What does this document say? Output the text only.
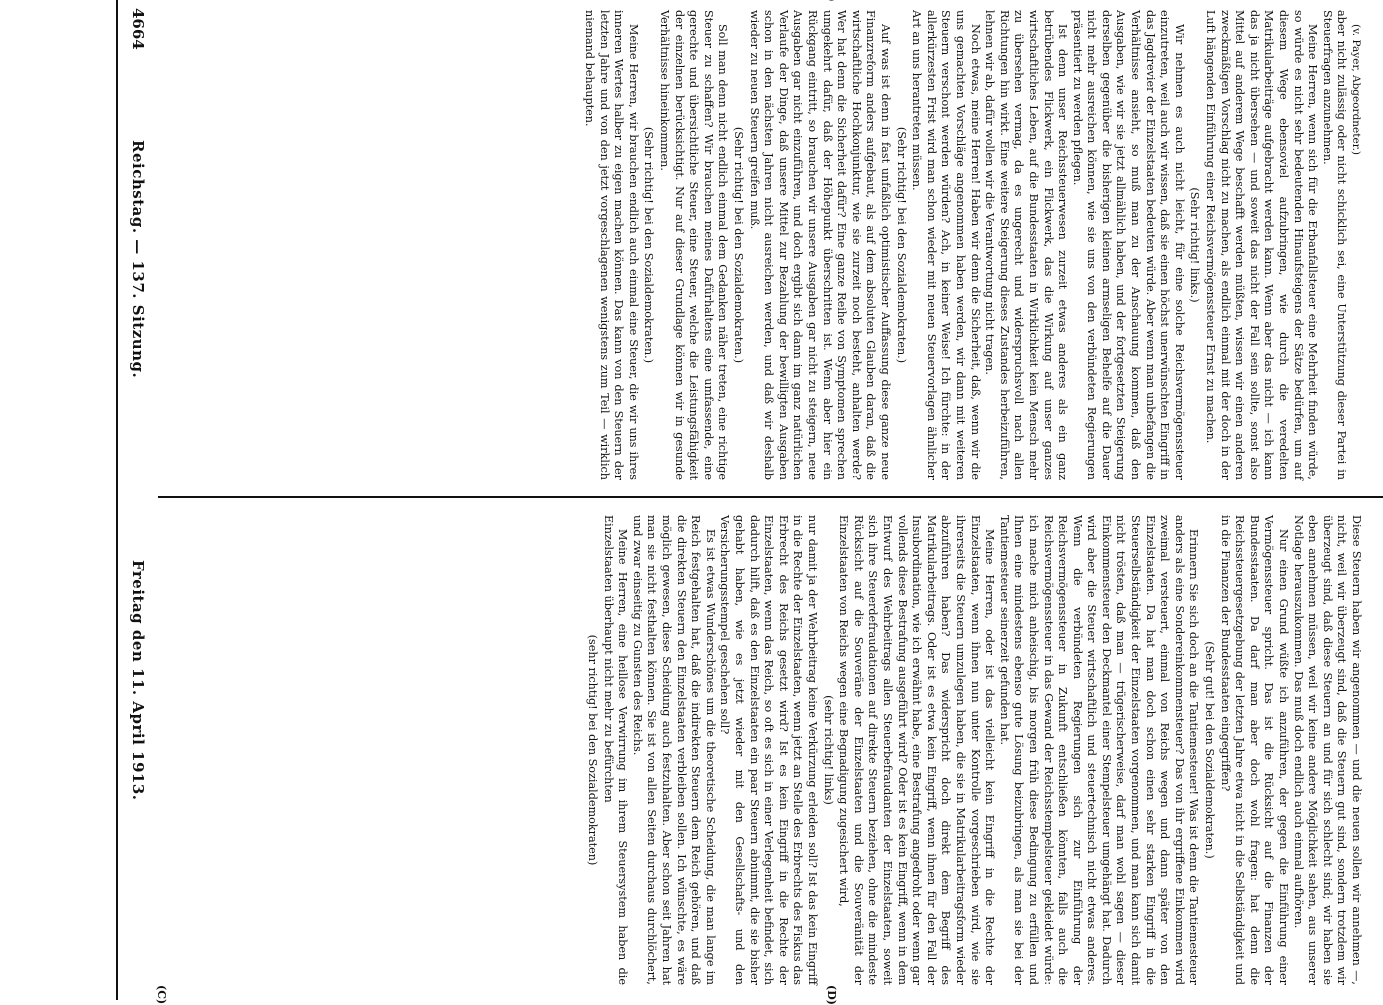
(v. Payer, Abgeordneter.)

aber nicht zulässig oder nicht schicklich sei, eine Unterstützung dieser Partei in Steuerfragen anzunehmen.

Meine Herren, wenn sich für die Erbanfallsteuer eine Mehrheit finden würde, so würde es nicht sehr bedeutenden Hinaufsteigens der Sätze bedürfen, um auf diesem Wege ebensoviel aufzubringen, wie durch die veredelten Matrikularbeiträge aufgebracht werden kann. Wenn aber das nicht — ich kann das ja nicht übersehen — und soweit das nicht der Fall sein sollte, sonst also Mittel auf anderem Wege beschafft werden müßten, wissen wir einen anderen zweckmäßigen Vorschlag nicht zu machen, als endlich einmal mit der doch in der Luft hängenden Einführung einer Reichsvermögenssteuer Ernst zu machen.

(Sehr richtig! links.)

Wir nehmen es auch nicht leicht, für eine solche Reichsvermögenssteuer einzutreten, weil auch wir wissen, daß sie einen höchst unerwünschten Eingriff in das Jagdrevier der Einzelstaaten bedeuten würde. Aber wenn man unbefangen die Verhältnisse ansieht, so muß man zu der Anschauung kommen, daß den Ausgaben, wie wir sie jetzt allmählich haben, und der fortgesetzten Steigerung derselben gegenüber die bisherigen kleinen armseligen Behelfe auf die Dauer nicht mehr ausreichen können, wie sie uns von den verbündeten Regierungen präsentiert zu werden pflegen.

Ist denn unser Reichssteuerwesen zurzeit etwas anderes als ein ganz betrübendes Flickwerk, ein Flickwerk, das die Wirkung auf unser ganzes wirtschaftliches Leben, auf die Bundesstaaten in Wirklichkeit kein Mensch mehr zu übersehen vermag, da es ungerecht und widerspruchsvoll nach allen Richtungen hin wirkt. Eine weitere Steigerung dieses Zustandes herbeizuführen, lehnen wir ab, dafür wollen wir die Verantwortung nicht tragen.

Noch etwas, meine Herren! Haben wir denn die Sicherheit, daß, wenn wir die uns gemachten Vorschläge angenommen haben werden, wir dann mit weiteren Steuern verschont werden würden? Ach, in keiner Weise! Ich fürchte: in der allerkürzesten Frist wird man schon wieder mit neuen Steuervorlagen ähnlicher Art an uns herantreten müssen.

(Sehr richtig! bei den Sozialdemokraten.)

Auf was ist denn in fast unfaßlich optimistischer Auffassung diese ganze neue Finanzreform anders aufgebaut, als auf dem absoluten Glauben daran, daß die wirtschaftliche Hochkonjunktur, wie sie zurzeit noch besteht, anhalten werde? Wer hat denn die Sicherheit dafür? Eine ganze Reihe von Symptomen sprechen umgekehrt dafür, daß der Höhepunkt überschritten ist. Wenn aber hier ein Rückgang eintritt, so brauchen wir unsere Ausgaben gar nicht zu steigern, neue Ausgaben gar nicht einzuführen, und doch ergibt sich dann im ganz natürlichen Verlaufe der Dinge, daß unsere Mittel zur Bezahlung der bewilligten Ausgaben schon in den nächsten Jahren nicht ausreichen werden, und daß wir deshalb wieder zu neuen Steuern greifen muß.

(Sehr richtig! bei den Sozialdemokraten.)

Soll man denn nicht endlich einmal dem Gedanken näher treten, eine richtige Steuer zu schaffen? Wir brauchen meines Dafürhaltens eine umfassende, eine gerechte und übersichtliche Steuer, eine Steuer, welche die Leistungsfähigkeit der einzelnen berücksichtigt. Nur auf dieser Grundlage können wir in gesunde Verhältnisse hineinkommen.

(Sehr richtig! bei den Sozialdemokraten.)

Meine Herren, wir brauchen endlich auch einmal eine Steuer, die wir uns ihres inneren Wertes halber zu eigen machen können. Das kann von den Steuern der letzten Jahre und von den jetzt vorgeschlagenen wenigstens zum Teil — wirklich niemand behaupten.

Diese Steuern haben wir angenommen — und die neuen sollen wir annehmen —, nicht, weil wir überzeugt sind, daß die Steuern gut sind, sondern trotzdem wir überzeugt sind, daß diese Steuern an und für sich schlecht sind; wir haben sie eben annehmen müssen, weil wir keine andere Möglichkeit sahen, aus unserer Notlage herauszukommen. Das muß doch endlich auch einmal aufhören.

Nur einen Grund wüßte ich anzuführen, der gegen die Einführung einer Vermögenssteuer spricht. Das ist die Rücksicht auf die Finanzen der Bundesstaaten. Da darf man aber doch wohl fragen: hat denn die Reichssteuergesetzgebung der letzten Jahre etwa nicht in die Selbständigkeit und in die Finanzen der Bundesstaaten eingegriffen?

(Sehr gut! bei den Sozialdemokraten.)

Erinnern Sie sich doch an die Tantiemesteuer! Was ist denn die Tantiemesteuer anders als eine Sondereinkommensteuer? Das von ihr ergriffene Einkommen wird zweimal versteuert, einmal von Reichs wegen und dann später von den Einzelstaaten. Da hat man doch schon einen sehr starken Eingriff in die Steuerselbständigkeit der Einzelstaaten vorgenommen, und man kann sich damit nicht trösten, daß man — trügerischerweise, darf man wohl sagen — dieser Einkommensteuer den Deckmantel einer Stempelsteuer umgehängt hat. Dadurch wird aber die Steuer wirtschaftlich und steuertechnisch nicht etwas anderes. Wenn die verbündeten Regierungen sich zur Einführung der Reichsvermögenssteuer in Zukunft entschließen könnten, falls auch die Reichsvermögenssteuer in das Gewand der Reichsstempelsteuer gekleidet würde: ich mache mich anheischig, bis morgen früh diese Bedingung zu erfüllen und Ihnen eine mindestens ebenso gute Lösung beizubringen, als man sie bei der Tantiemesteuer seinerzeit gefunden hat.

Meine Herren, oder ist das vielleicht kein Eingriff in die Rechte der Einzelstaaten, wenn ihnen nun unter Kontrolle vorgeschrieben wird, wie sie ihrerseits die Steuern umzulegen haben, die sie in Matrikularbeitragsform wieder abzuführen haben? Das widerspricht doch direkt dem Begriff des Matrikularbeitrags. Oder ist es etwa kein Eingriff, wenn ihnen für den Fall der Insubordination, wie ich erwähnt habe, eine Bestrafung angedroht oder wenn gar vollends diese Bestrafung ausgeführt wird? Oder ist es kein Eingriff, wenn in dem Entwurf des Wehrbeitrags allen Steuerbefraudanten der Einzelstaaten, soweit sich ihre Steuerdefraudationen auf direkte Steuern beziehen, ohne die mindeste Rücksicht auf die Souveräne der Einzelstaaten und die Souveränität der Einzelstaaten von Reichs wegen eine Begnadigung zugesichert wird,

(sehr richtig! links)

nur damit ja der Wehrbeitrag keine Verkürzung erleiden soll? Ist das kein Eingriff in die Rechte der Einzelstaaten, wenn jetzt an Stelle des Erbrechts des Fiskus das Erbrecht des Reichs gesetzt wird? Ist es kein Eingriff in die Rechte der Einzelstaaten, wenn das Reich, so oft es sich in einer Verlegenheit befindet, sich dadurch hilft, daß es den Einzelstaaten ein paar Steuern abnimmt, die sie bisher gehabt haben, wie es jetzt wieder mit den Gesellschafts- und den Versicherungsstempel geschehen soll?

Es ist etwas Wunderschönes um die theoretische Scheidung, die man lange im Reich festgehalten hat, daß die indirekten Steuern dem Reich gehören, und daß die direkten Steuern den Einzelstaaten verbleiben sollen. Ich wünschte, es wäre möglich gewesen, diese Scheidung auch festzuhalten. Aber schon seit Jahren hat man sie nicht festhalten können. Sie ist von allen Seiten durchaus durchlöchert, und zwar einseitig zu Gunsten des Reichs.

Meine Herren, eine heillose Verwirrung im ihrem Steuersystem haben die Einzelstaaten überhaupt nicht mehr zu befürchten

(sehr richtig! bei den Sozialdemokraten)

(C)	(D)
4664
Reichstag. — 137. Sitzung.
Freitag den 11. April 1913.
